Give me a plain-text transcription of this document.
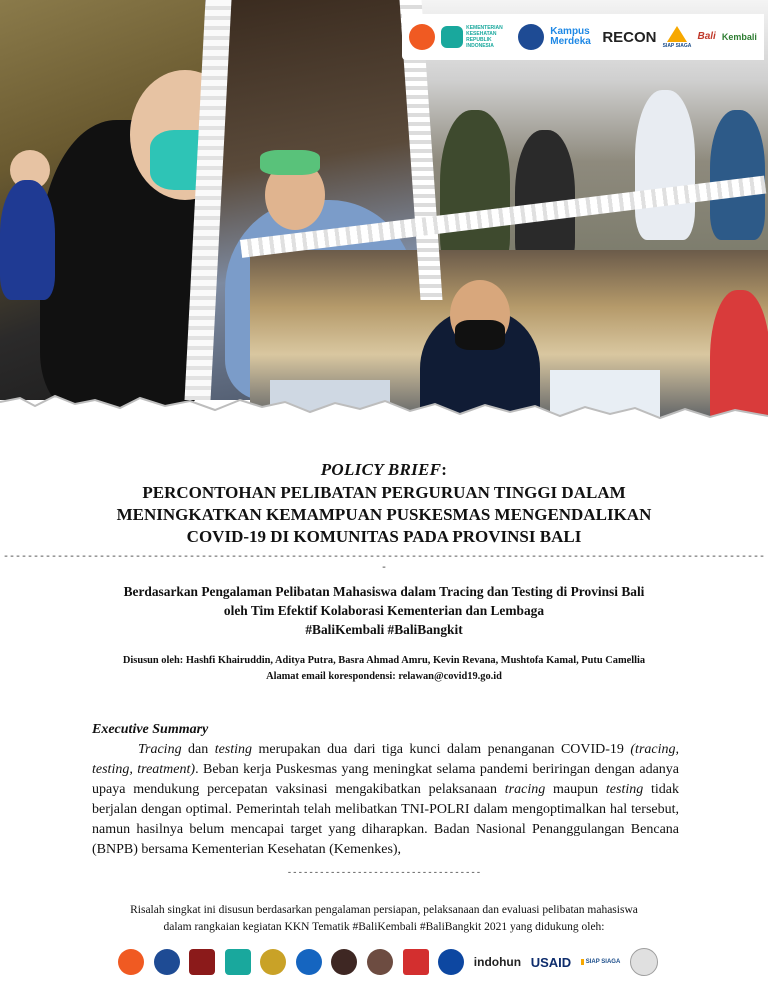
KEMENTERIAN KESEHATAN REPUBLIK INDONESIA
Kampus Merdeka RECON
SIAP SIAGA
Bali Kembali
POLICY BRIEF:
PERCONTOHAN PELIBATAN PERGURUAN TINGGI DALAM
MENINGKATKAN KEMAMPUAN PUSKESMAS MENGENDALIKAN
COVID-19 DI KOMUNITAS PADA PROVINSI BALI
--------------------------------------------------------------------------------------------------------------------------------
Berdasarkan Pengalaman Pelibatan Mahasiswa dalam Tracing dan Testing di Provinsi Bali
oleh Tim Efektif Kolaborasi Kementerian dan Lembaga
#BaliKembali #BaliBangkit
Disusun oleh: Hashfi Khairuddin, Aditya Putra, Basra Ahmad Amru, Kevin Revana, Mushtofa Kamal, Putu Camellia
Alamat email korespondensi: relawan@covid19.go.id
Executive Summary
Tracing dan testing merupakan dua dari tiga kunci dalam penanganan COVID-19 (tracing, testing, treatment). Beban kerja Puskesmas yang meningkat selama pandemi beriringan dengan adanya upaya mendukung percepatan vaksinasi mengakibatkan pelaksanaan tracing maupun testing tidak berjalan dengan optimal. Pemerintah telah melibatkan TNI-POLRI dalam mengoptimalkan hal tersebut, namun hasilnya belum mencapai target yang diharapkan. Badan Nasional Penanggulangan Bencana (BNPB) bersama Kementerian Kesehatan (Kemenkes),
------------------------------------
Risalah singkat ini disusun berdasarkan pengalaman persiapan, pelaksanaan dan evaluasi pelibatan mahasiswa
dalam rangkaian kegiatan KKN Tematik #BaliKembali #BaliBangkit 2021 yang didukung oleh:
indohun USAID	SIAP SIAGA
